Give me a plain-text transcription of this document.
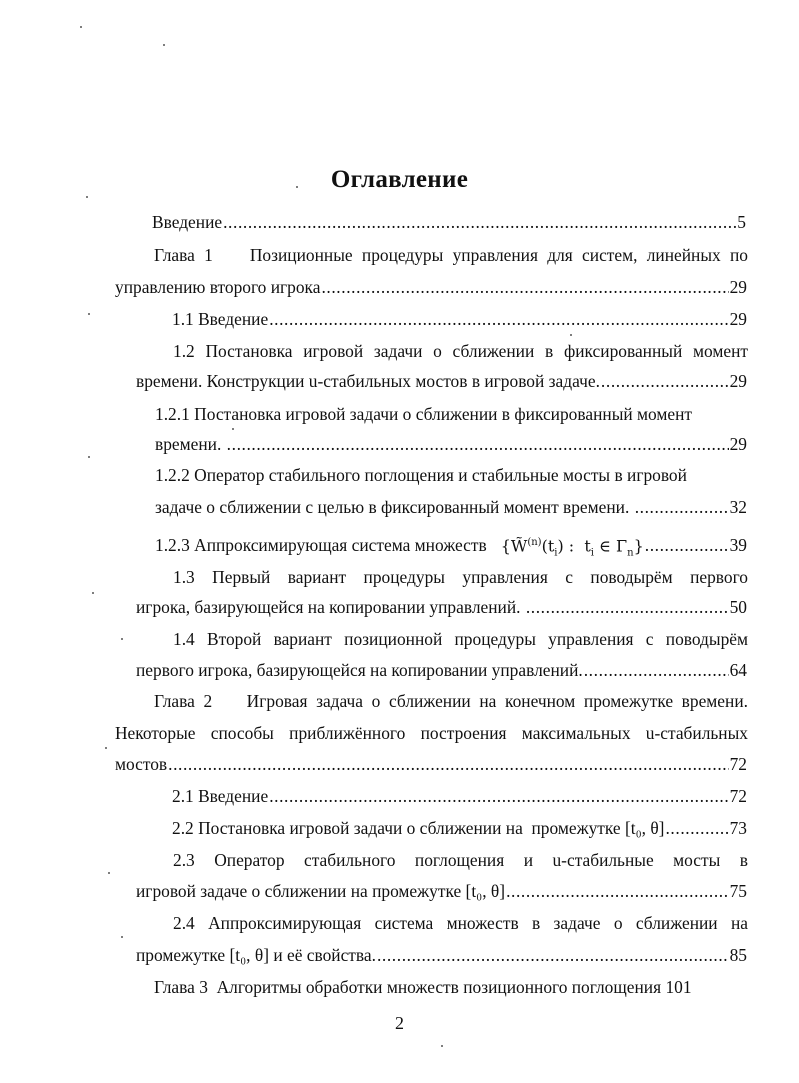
Оглавление
Введение .....	5
Глава 1    Позиционные процедуры управления для систем, линейных по
управлению второго игрока .....	29
1.1 Введение .....	29
1.2 Постановка игровой задачи о сближении в фиксированный момент
времени. Конструкции u-стабильных мостов в игровой задаче. .....	29
1.2.1 Постановка игровой задачи о сближении в фиксированный момент
времени. .....	29
1.2.2 Оператор стабильного поглощения и стабильные мосты в игровой
задаче о сближении с целью в фиксированный момент времени. .....	32
1.2.3 Аппроксимирующая система множеств {$W̃^{(n)}(t_i)$ :  $t_i$ ∈ $\Gamma_n$} .....	39
1.3 Первый вариант процедуры управления с поводырём первого
игрока, базирующейся на копировании управлений. .....	50
1.4 Второй вариант позиционной процедуры управления с поводырём
первого игрока, базирующейся на копировании управлений. .....	64
Глава 2    Игровая задача о сближении на конечном промежутке времени.
Некоторые способы приближённого построения максимальных u-стабильных
мостов .....	72
2.1 Введение .....	72
2.2 Постановка игровой задачи о сближении на  промежутке [t₀, θ] .....	73
2.3 Оператор стабильного поглощения и u-стабильные мосты в
игровой задаче о сближении на промежутке [t₀, θ] .....	75
2.4 Аппроксимирующая система множеств в задаче о сближении на
промежутке [t₀, θ] и её свойства. .....	85
Глава 3  Алгоритмы обработки множеств позиционного поглощения 101
2
